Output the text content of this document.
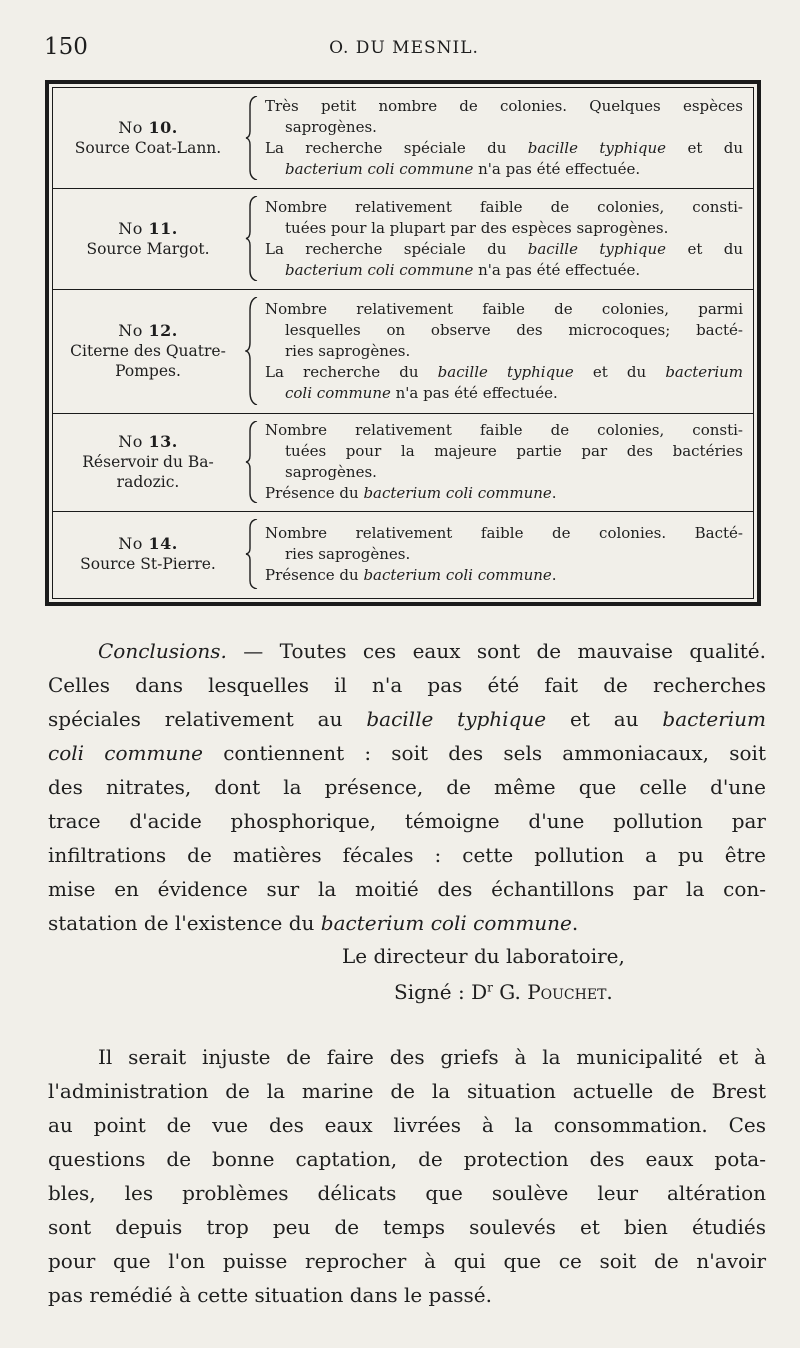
150	O. DU MESNIL.
No 10.
Source Coat-Lann.
Très petit nombre de colonies. Quelques espèces
saprogènes.
La recherche spéciale du bacille typhique et du
bacterium coli commune n'a pas été effectuée.
No 11.
Source Margot.
Nombre relativement faible de colonies, consti-
tuées pour la plupart par des espèces saprogènes.
La recherche spéciale du bacille typhique et du
bacterium coli commune n'a pas été effectuée.
No 12.
Citerne des Quatre-
Pompes.
Nombre relativement faible de colonies, parmi
lesquelles on observe des microcoques; bacté-
ries saprogènes.
La recherche du bacille typhique et du bacterium
coli commune n'a pas été effectuée.
No 13.
Réservoir du Ba-
radozic.
Nombre relativement faible de colonies, consti-
tuées pour la majeure partie par des bactéries
saprogènes.
Présence du bacterium coli commune.
No 14.
Source St-Pierre.
Nombre relativement faible de colonies. Bacté-
ries saprogènes.
Présence du bacterium coli commune.

Conclusions. — Toutes ces eaux sont de mauvaise qualité.
Celles dans lesquelles il n'a pas été fait de recherches
spéciales relativement au bacille typhique et au bacterium
coli commune contiennent : soit des sels ammoniacaux, soit
des nitrates, dont la présence, de même que celle d'une
trace d'acide phosphorique, témoigne d'une pollution par
infiltrations de matières fécales : cette pollution a pu être
mise en évidence sur la moitié des échantillons par la con-
statation de l'existence du bacterium coli commune.

Le directeur du laboratoire,
Signé : $D^r$ G. Pouchet.

Il serait injuste de faire des griefs à la municipalité et à
l'administration de la marine de la situation actuelle de Brest
au point de vue des eaux livrées à la consommation. Ces
questions de bonne captation, de protection des eaux pota-
bles, les problèmes délicats que soulève leur altération
sont depuis trop peu de temps soulevés et bien étudiés
pour que l'on puisse reprocher à qui que ce soit de n'avoir
pas remédié à cette situation dans le passé.
